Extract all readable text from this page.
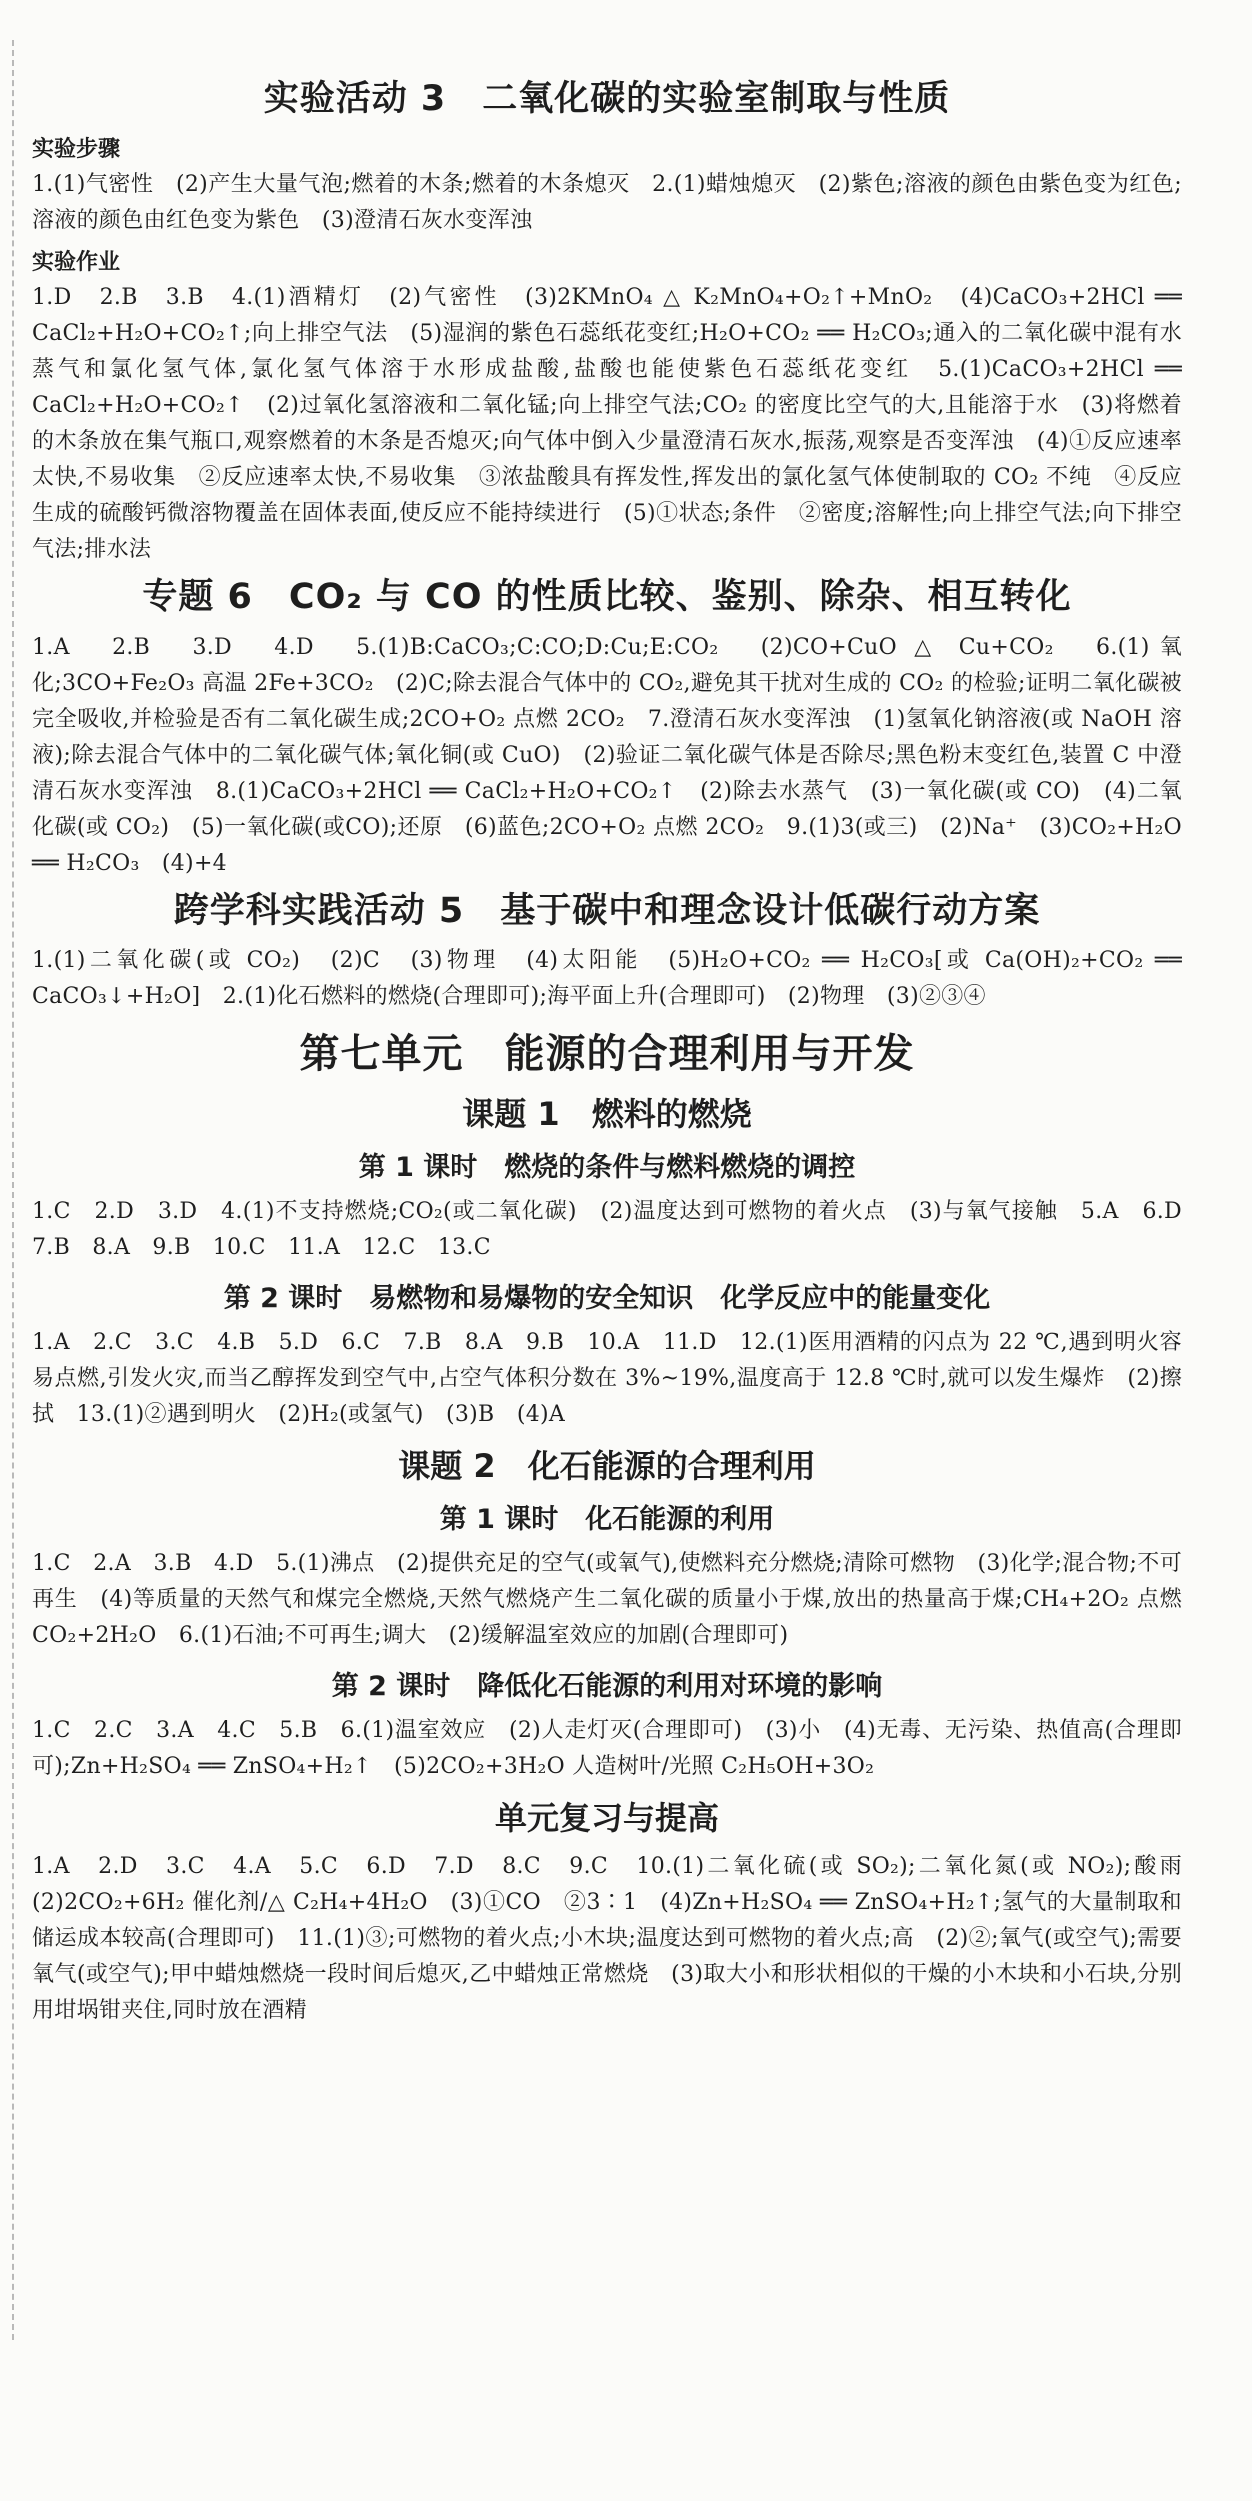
实验活动 3　二氧化碳的实验室制取与性质
实验步骤

1.(1)气密性　(2)产生大量气泡;燃着的木条;燃着的木条熄灭　2.(1)蜡烛熄灭　(2)紫色;溶液的颜色由紫色变为红色;溶液的颜色由红色变为紫色　(3)澄清石灰水变浑浊

实验作业

1.D　2.B　3.B　4.(1)酒精灯　(2)气密性　(3)2KMnO₄ △ K₂MnO₄+O₂↑+MnO₂　(4)CaCO₃+2HCl ══ CaCl₂+H₂O+CO₂↑;向上排空气法　(5)湿润的紫色石蕊纸花变红;H₂O+CO₂ ══ H₂CO₃;通入的二氧化碳中混有水蒸气和氯化氢气体,氯化氢气体溶于水形成盐酸,盐酸也能使紫色石蕊纸花变红　5.(1)CaCO₃+2HCl ══ CaCl₂+H₂O+CO₂↑　(2)过氧化氢溶液和二氧化锰;向上排空气法;CO₂ 的密度比空气的大,且能溶于水　(3)将燃着的木条放在集气瓶口,观察燃着的木条是否熄灭;向气体中倒入少量澄清石灰水,振荡,观察是否变浑浊　(4)①反应速率太快,不易收集　②反应速率太快,不易收集　③浓盐酸具有挥发性,挥发出的氯化氢气体使制取的 CO₂ 不纯　④反应生成的硫酸钙微溶物覆盖在固体表面,使反应不能持续进行　(5)①状态;条件　②密度;溶解性;向上排空气法;向下排空气法;排水法

专题 6　CO₂ 与 CO 的性质比较、鉴别、除杂、相互转化

1.A　2.B　3.D　4.D　5.(1)B:CaCO₃;C:CO;D:Cu;E:CO₂　(2)CO+CuO △ Cu+CO₂　6.(1)氧化;3CO+Fe₂O₃ 高温 2Fe+3CO₂　(2)C;除去混合气体中的 CO₂,避免其干扰对生成的 CO₂ 的检验;证明二氧化碳被完全吸收,并检验是否有二氧化碳生成;2CO+O₂ 点燃 2CO₂　7.澄清石灰水变浑浊　(1)氢氧化钠溶液(或 NaOH 溶液);除去混合气体中的二氧化碳气体;氧化铜(或 CuO)　(2)验证二氧化碳气体是否除尽;黑色粉末变红色,装置 C 中澄清石灰水变浑浊　8.(1)CaCO₃+2HCl ══ CaCl₂+H₂O+CO₂↑　(2)除去水蒸气　(3)一氧化碳(或 CO)　(4)二氧化碳(或 CO₂)　(5)一氧化碳(或CO);还原　(6)蓝色;2CO+O₂ 点燃 2CO₂　9.(1)3(或三)　(2)Na⁺　(3)CO₂+H₂O ══ H₂CO₃　(4)+4

跨学科实践活动 5　基于碳中和理念设计低碳行动方案

1.(1)二氧化碳(或 CO₂)　(2)C　(3)物理　(4)太阳能　(5)H₂O+CO₂ ══ H₂CO₃[或 Ca(OH)₂+CO₂ ══ CaCO₃↓+H₂O]　2.(1)化石燃料的燃烧(合理即可);海平面上升(合理即可)　(2)物理　(3)②③④

第七单元　能源的合理利用与开发
课题 1　燃料的燃烧
第 1 课时　燃烧的条件与燃料燃烧的调控

1.C　2.D　3.D　4.(1)不支持燃烧;CO₂(或二氧化碳)　(2)温度达到可燃物的着火点　(3)与氧气接触　5.A　6.D　7.B　8.A　9.B　10.C　11.A　12.C　13.C

第 2 课时　易燃物和易爆物的安全知识　化学反应中的能量变化

1.A　2.C　3.C　4.B　5.D　6.C　7.B　8.A　9.B　10.A　11.D　12.(1)医用酒精的闪点为 22 ℃,遇到明火容易点燃,引发火灾,而当乙醇挥发到空气中,占空气体积分数在 3%~19%,温度高于 12.8 ℃时,就可以发生爆炸　(2)擦拭　13.(1)②遇到明火　(2)H₂(或氢气)　(3)B　(4)A

课题 2　化石能源的合理利用
第 1 课时　化石能源的利用

1.C　2.A　3.B　4.D　5.(1)沸点　(2)提供充足的空气(或氧气),使燃料充分燃烧;清除可燃物　(3)化学;混合物;不可再生　(4)等质量的天然气和煤完全燃烧,天然气燃烧产生二氧化碳的质量小于煤,放出的热量高于煤;CH₄+2O₂ 点燃 CO₂+2H₂O　6.(1)石油;不可再生;调大　(2)缓解温室效应的加剧(合理即可)

第 2 课时　降低化石能源的利用对环境的影响

1.C　2.C　3.A　4.C　5.B　6.(1)温室效应　(2)人走灯灭(合理即可)　(3)小　(4)无毒、无污染、热值高(合理即可);Zn+H₂SO₄ ══ ZnSO₄+H₂↑　(5)2CO₂+3H₂O 人造树叶/光照 C₂H₅OH+3O₂

单元复习与提高

1.A　2.D　3.C　4.A　5.C　6.D　7.D　8.C　9.C　10.(1)二氧化硫(或 SO₂);二氧化氮(或 NO₂);酸雨　(2)2CO₂+6H₂ 催化剂/△ C₂H₄+4H₂O　(3)①CO　②3∶1　(4)Zn+H₂SO₄ ══ ZnSO₄+H₂↑;氢气的大量制取和储运成本较高(合理即可)　11.(1)③;可燃物的着火点;小木块;温度达到可燃物的着火点;高　(2)②;氧气(或空气);需要氧气(或空气);甲中蜡烛燃烧一段时间后熄灭,乙中蜡烛正常燃烧　(3)取大小和形状相似的干燥的小木块和小石块,分别用坩埚钳夹住,同时放在酒精
